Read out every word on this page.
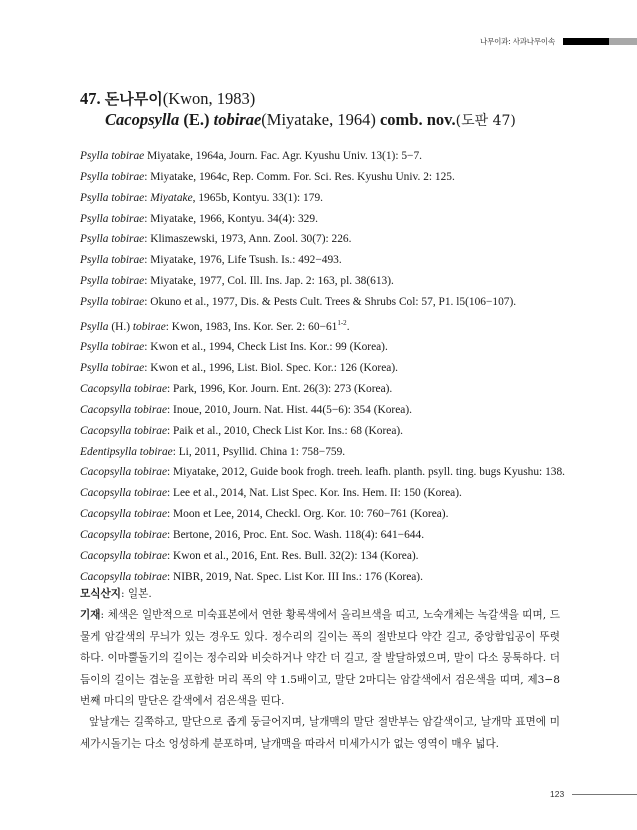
나무이과: 사과나무이속
47. 돈나무이(Kwon, 1983)
Cacopsylla (E.) tobirae(Miyatake, 1964) comb. nov.(도판 47)
Psylla tobirae Miyatake, 1964a, Journ. Fac. Agr. Kyushu Univ. 13(1): 5−7.
Psylla tobirae: Miyatake, 1964c, Rep. Comm. For. Sci. Res. Kyushu Univ. 2: 125.
Psylla tobirae: Miyatake, 1965b, Kontyu. 33(1): 179.
Psylla tobirae: Miyatake, 1966, Kontyu. 34(4): 329.
Psylla tobirae: Klimaszewski, 1973, Ann. Zool. 30(7): 226.
Psylla tobirae: Miyatake, 1976, Life Tsush. Is.: 492−493.
Psylla tobirae: Miyatake, 1977, Col. Ill. Ins. Jap. 2: 163, pl. 38(613).
Psylla tobirae: Okuno et al., 1977, Dis. & Pests Cult. Trees & Shrubs Col: 57, P1. l5(106−107).
Psylla (H.) tobirae: Kwon, 1983, Ins. Kor. Ser. 2: $60-61^{1-2}$.
Psylla tobirae: Kwon et al., 1994, Check List Ins. Kor.: 99 (Korea).
Psylla tobirae: Kwon et al., 1996, List. Biol. Spec. Kor.: 126 (Korea).
Cacopsylla tobirae: Park, 1996, Kor. Journ. Ent. 26(3): 273 (Korea).
Cacopsylla tobirae: Inoue, 2010, Journ. Nat. Hist. 44(5−6): 354 (Korea).
Cacopsylla tobirae: Paik et al., 2010, Check List Kor. Ins.: 68 (Korea).
Edentipsylla tobirae: Li, 2011, Psyllid. China 1: 758−759.
Cacopsylla tobirae: Miyatake, 2012, Guide book frogh. treeh. leafh. planth. psyll. ting. bugs Kyushu: 138.
Cacopsylla tobirae: Lee et al., 2014, Nat. List Spec. Kor. Ins. Hem. II: 150 (Korea).
Cacopsylla tobirae: Moon et Lee, 2014, Checkl. Org. Kor. 10: 760−761 (Korea).
Cacopsylla tobirae: Bertone, 2016, Proc. Ent. Soc. Wash. 118(4): 641−644.
Cacopsylla tobirae: Kwon et al., 2016, Ent. Res. Bull. 32(2): 134 (Korea).
Cacopsylla tobirae: NIBR, 2019, Nat. Spec. List Kor. III Ins.: 176 (Korea).

모식산지: 일본.

기재: 체색은 일반적으로 미숙표본에서 연한 황록색에서 올리브색을 띠고, 노숙개체는 녹갈색을 띠며, 드물게 암갈색의 무늬가 있는 경우도 있다. 정수리의 길이는 폭의 절반보다 약간 길고, 중앙함입공이 뚜렷하다. 이마뿔돌기의 길이는 정수리와 비슷하거나 약간 더 길고, 잘 발달하였으며, 말이 다소 뭉툭하다. 더듬이의 길이는 겹눈을 포함한 머리 폭의 약 1.5배이고, 말단 2마디는 암갈색에서 검은색을 띠며, 제3−8번째 마디의 말단은 갈색에서 검은색을 띤다.

앞날개는 길쭉하고, 말단으로 좁게 둥글어지며, 날개맥의 말단 절반부는 암갈색이고, 날개막 표면에 미세가시돌기는 다소 엉성하게 분포하며, 날개맥을 따라서 미세가시가 없는 영역이 매우 넓다.

123
